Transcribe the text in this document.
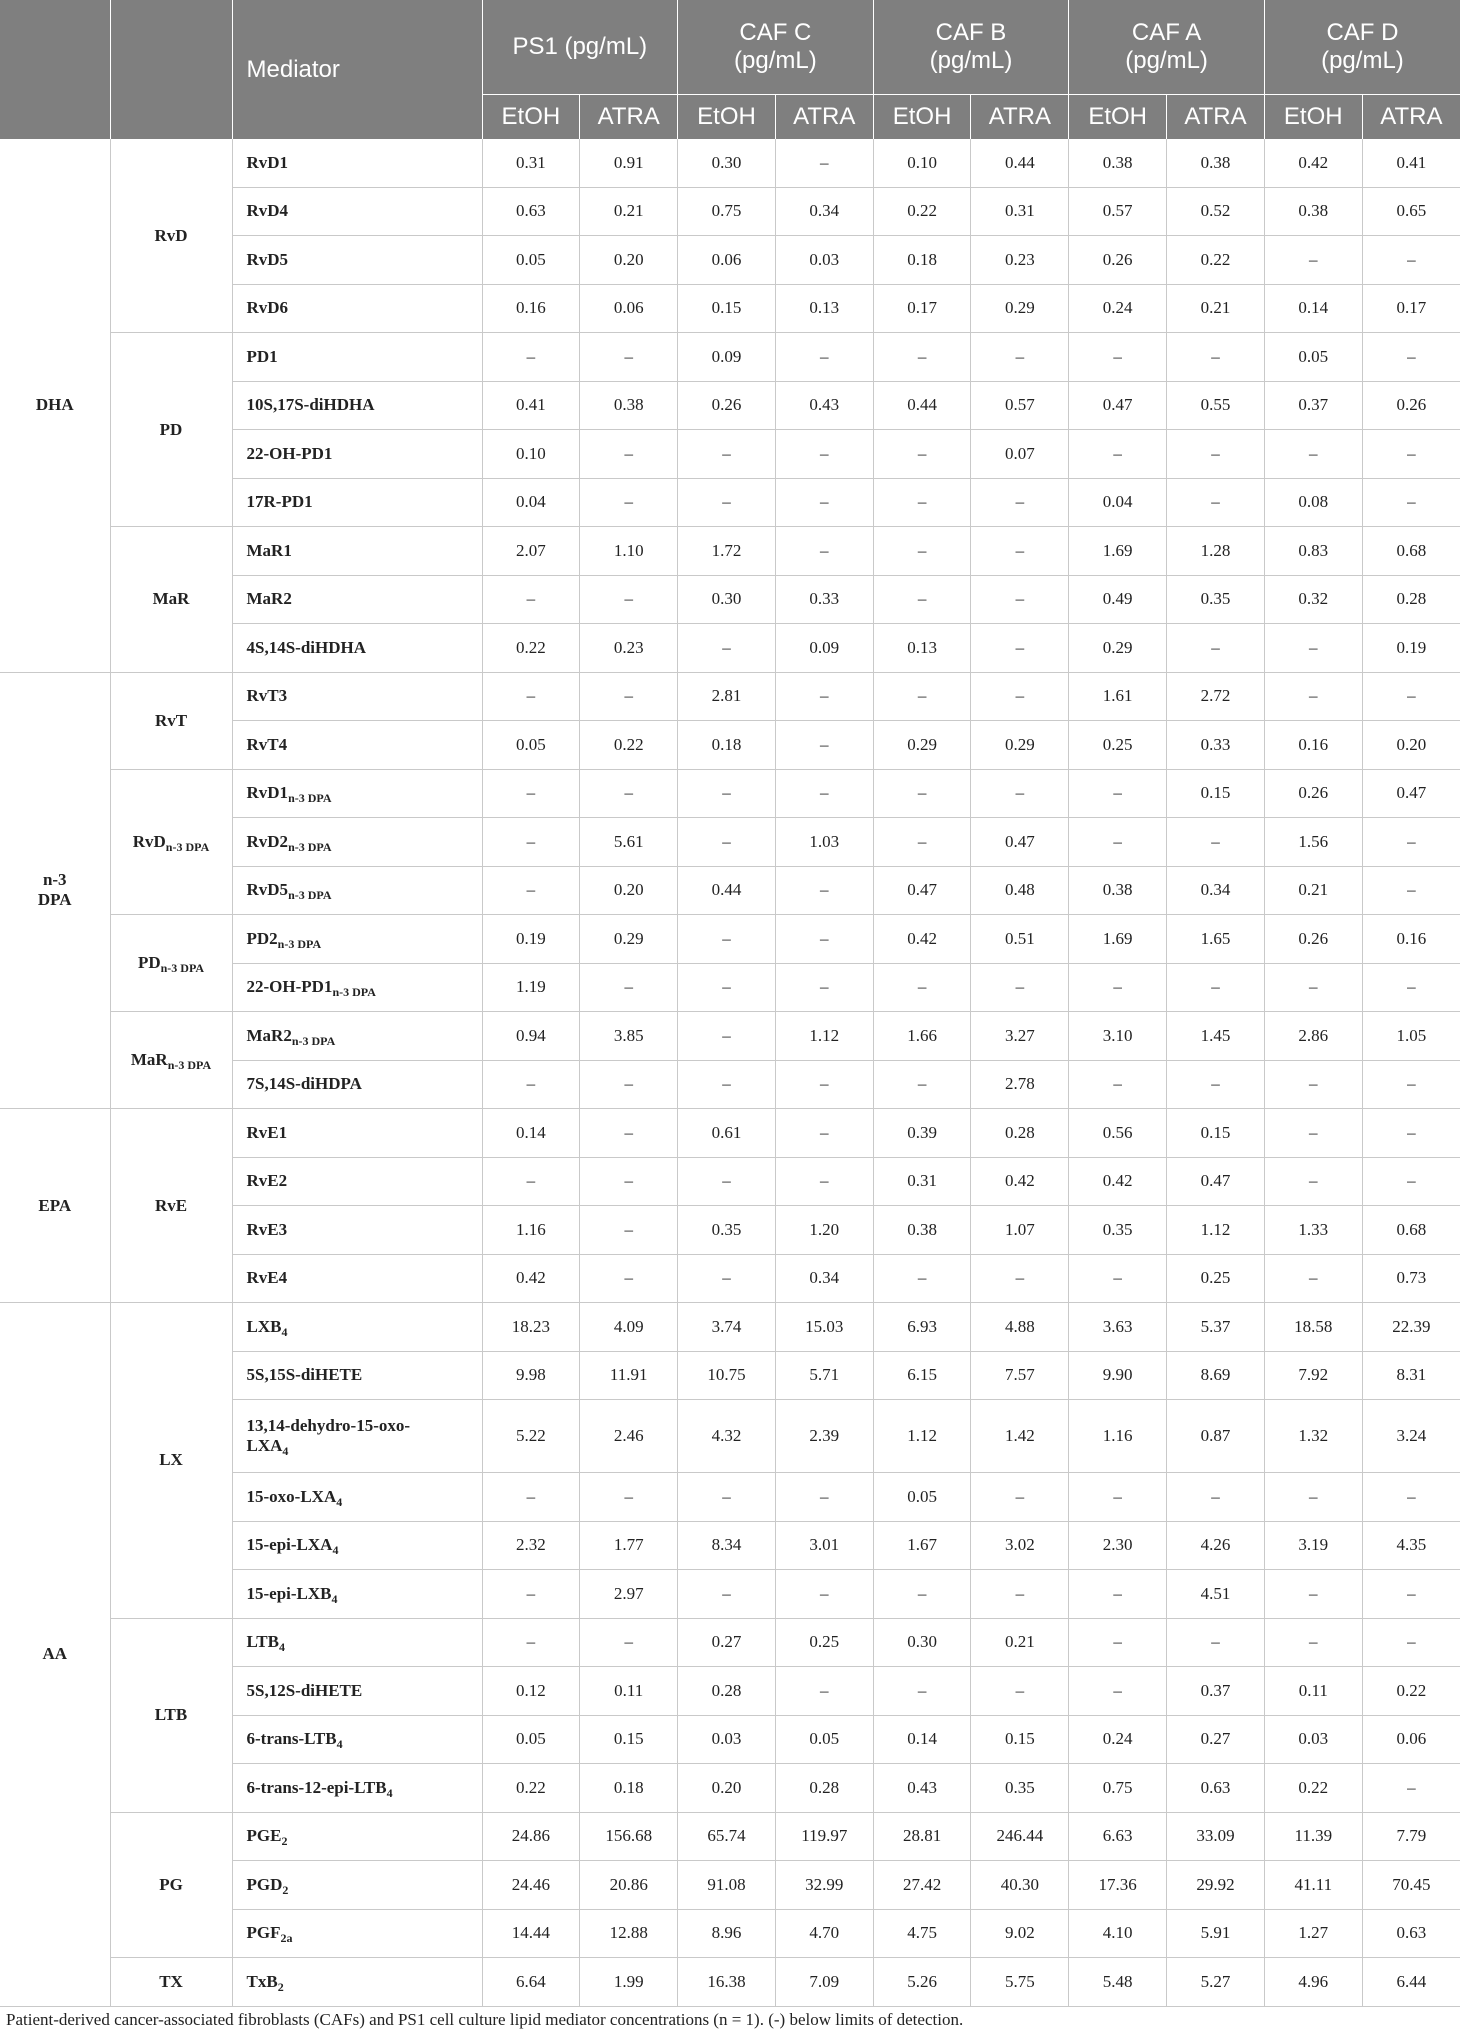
		Mediator	PS1 (pg/mL)		CAF C
(pg/mL)		CAF B
(pg/mL)		CAF A
(pg/mL)		CAF D
(pg/mL)	
			EtOH	ATRA	EtOH	ATRA	EtOH	ATRA	EtOH	ATRA	EtOH	ATRA
DHA	RvD	RvD1	0.31	0.91	0.30	–	0.10	0.44	0.38	0.38	0.42	0.41
		RvD4	0.63	0.21	0.75	0.34	0.22	0.31	0.57	0.52	0.38	0.65
		RvD5	0.05	0.20	0.06	0.03	0.18	0.23	0.26	0.22	–	–
		RvD6	0.16	0.06	0.15	0.13	0.17	0.29	0.24	0.21	0.14	0.17
	PD	PD1	–	–	0.09	–	–	–	–	–	0.05	–
		10S,17S-diHDHA	0.41	0.38	0.26	0.43	0.44	0.57	0.47	0.55	0.37	0.26
		22-OH-PD1	0.10	–	–	–	–	0.07	–	–	–	–
		17R-PD1	0.04	–	–	–	–	–	0.04	–	0.08	–
	MaR	MaR1	2.07	1.10	1.72	–	–	–	1.69	1.28	0.83	0.68
		MaR2	–	–	0.30	0.33	–	–	0.49	0.35	0.32	0.28
		4S,14S-diHDHA	0.22	0.23	–	0.09	0.13	–	0.29	–	–	0.19
n-3
DPA	RvT	RvT3	–	–	2.81	–	–	–	1.61	2.72	–	–
		RvT4	0.05	0.22	0.18	–	0.29	0.29	0.25	0.33	0.16	0.20
	RvD$_{n-3 DPA}$	$RvD1_{n-3 DPA}$	–	–	–	–	–	–	–	0.15	0.26	0.47
		$RvD2_{n-3 DPA}$	–	5.61	–	1.03	–	0.47	–	–	1.56	–
		$RvD5_{n-3 DPA}$	–	0.20	0.44	–	0.47	0.48	0.38	0.34	0.21	–
	$PD_{n-3 DPA}$	$PD2_{n-3 DPA}$	0.19	0.29	–	–	0.42	0.51	1.69	1.65	0.26	0.16
		$22-OH-PD1_{n-3 DPA}$	1.19	–	–	–	–	–	–	–	–	–
	MaR$_{n-3 DPA}$	$MaR2_{n-3 DPA}$	0.94	3.85	–	1.12	1.66	3.27	3.10	1.45	2.86	1.05
		7S,14S-diHDPA	–	–	–	–	–	2.78	–	–	–	–
EPA	RvE	RvE1	0.14	–	0.61	–	0.39	0.28	0.56	0.15	–	–
		RvE2	–	–	–	–	0.31	0.42	0.42	0.47	–	–
		RvE3	1.16	–	0.35	1.20	0.38	1.07	0.35	1.12	1.33	0.68
		RvE4	0.42	–	–	0.34	–	–	–	0.25	–	0.73
AA	LX	$LXB_4$	18.23	4.09	3.74	15.03	6.93	4.88	3.63	5.37	18.58	22.39
		5S,15S-diHETE	9.98	11.91	10.75	5.71	6.15	7.57	9.90	8.69	7.92	8.31
		13,14-dehydro-15-oxo-
$LXA_4$	5.22	2.46	4.32	2.39	1.12	1.42	1.16	0.87	1.32	3.24
		$15-oxo-LXA_4$	–	–	–	–	0.05	–	–	–	–	–
		$15-epi-LXA_4$	2.32	1.77	8.34	3.01	1.67	3.02	2.30	4.26	3.19	4.35
		$15-epi-LXB_4$	–	2.97	–	–	–	–	–	4.51	–	–
	LTB	$LTB_4$	–	–	0.27	0.25	0.30	0.21	–	–	–	–
		5S,12S-diHETE	0.12	0.11	0.28	–	–	–	–	0.37	0.11	0.22
		$6-trans-LTB_4$	0.05	0.15	0.03	0.05	0.14	0.15	0.24	0.27	0.03	0.06
		$6-trans-12-epi-LTB_4$	0.22	0.18	0.20	0.28	0.43	0.35	0.75	0.63	0.22	–
	PG	$PGE_2$	24.86	156.68	65.74	119.97	28.81	246.44	6.63	33.09	11.39	7.79
		$PGD_2$	24.46	20.86	91.08	32.99	27.42	40.30	17.36	29.92	41.11	70.45
		$PGF_{2a}$	14.44	12.88	8.96	4.70	4.75	9.02	4.10	5.91	1.27	0.63
	TX	TxB$_2$	6.64	1.99	16.38	7.09	5.26	5.75	5.48	5.27	4.96	6.44
Patient-derived cancer-associated fibroblasts (CAFs) and PS1 cell culture lipid mediator concentrations (n = 1). (-) below limits of detection.
